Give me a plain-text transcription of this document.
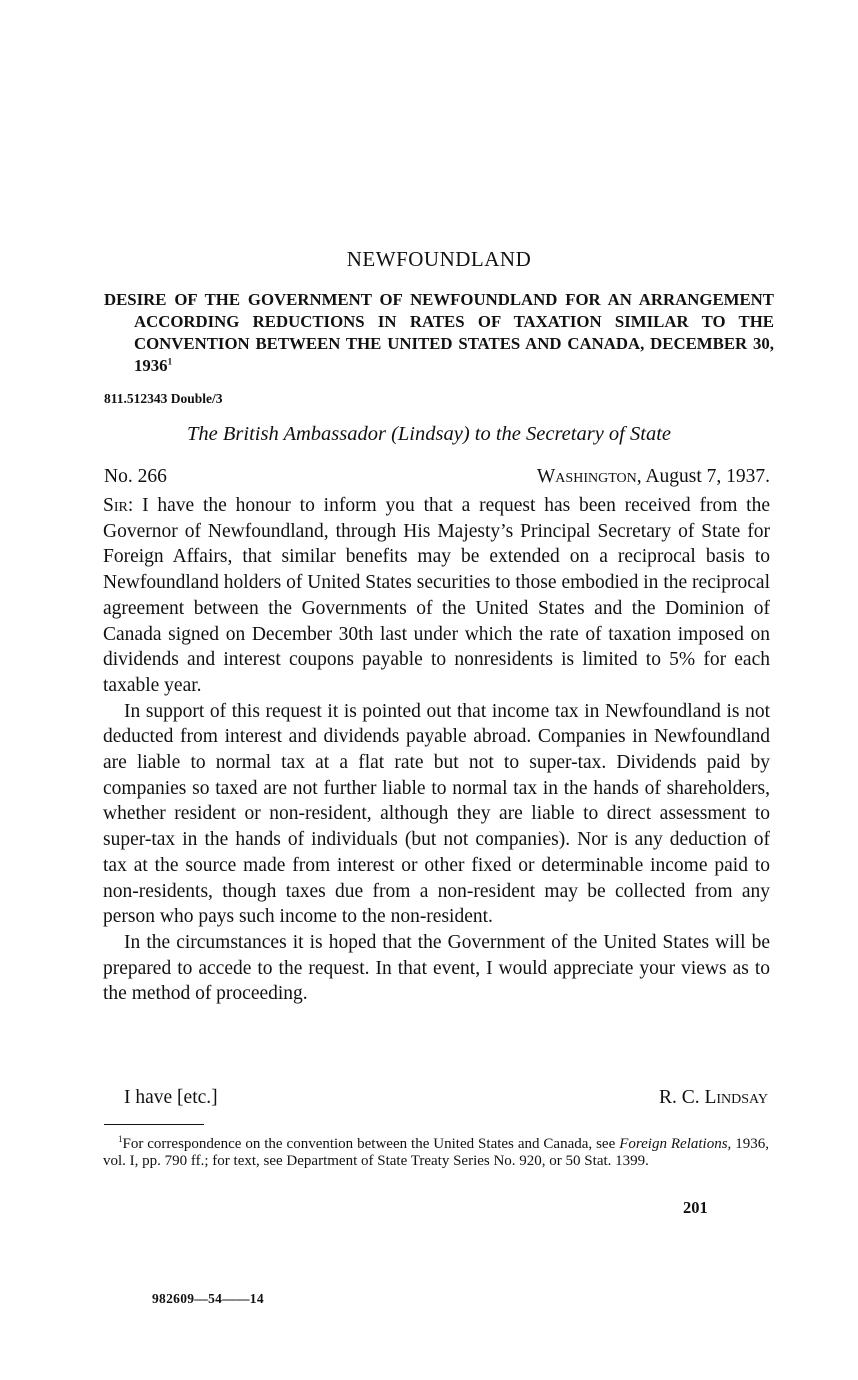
NEWFOUNDLAND
DESIRE OF THE GOVERNMENT OF NEWFOUNDLAND FOR AN ARRANGEMENT ACCORDING REDUCTIONS IN RATES OF TAXATION SIMILAR TO THE CONVENTION BETWEEN THE UNITED STATES AND CANADA, DECEMBER 30, 1936$^1$
811.512343 Double/3
The British Ambassador (Lindsay) to the Secretary of State
No. 266	Washington, August 7, 1937.

Sir: I have the honour to inform you that a request has been received from the Governor of Newfoundland, through His Majesty’s Principal Secretary of State for Foreign Affairs, that similar benefits may be extended on a reciprocal basis to Newfoundland holders of United States securities to those embodied in the reciprocal agreement between the Governments of the United States and the Dominion of Canada signed on December 30th last under which the rate of taxation imposed on dividends and interest coupons payable to nonresidents is limited to 5% for each taxable year.

In support of this request it is pointed out that income tax in Newfoundland is not deducted from interest and dividends payable abroad. Companies in Newfoundland are liable to normal tax at a flat rate but not to super-tax. Dividends paid by companies so taxed are not further liable to normal tax in the hands of shareholders, whether resident or non-resident, although they are liable to direct assessment to super-tax in the hands of individuals (but not companies). Nor is any deduction of tax at the source made from interest or other fixed or determinable income paid to non-residents, though taxes due from a non-resident may be collected from any person who pays such income to the non-resident.

In the circumstances it is hoped that the Government of the United States will be prepared to accede to the request. In that event, I would appreciate your views as to the method of proceeding.

I have [etc.]	R. C. Lindsay

$^1$For correspondence on the convention between the United States and Canada, see Foreign Relations, 1936, vol. I, pp. 790 ff.; for text, see Department of State Treaty Series No. 920, or 50 Stat. 1399.

201
982609—54——14
